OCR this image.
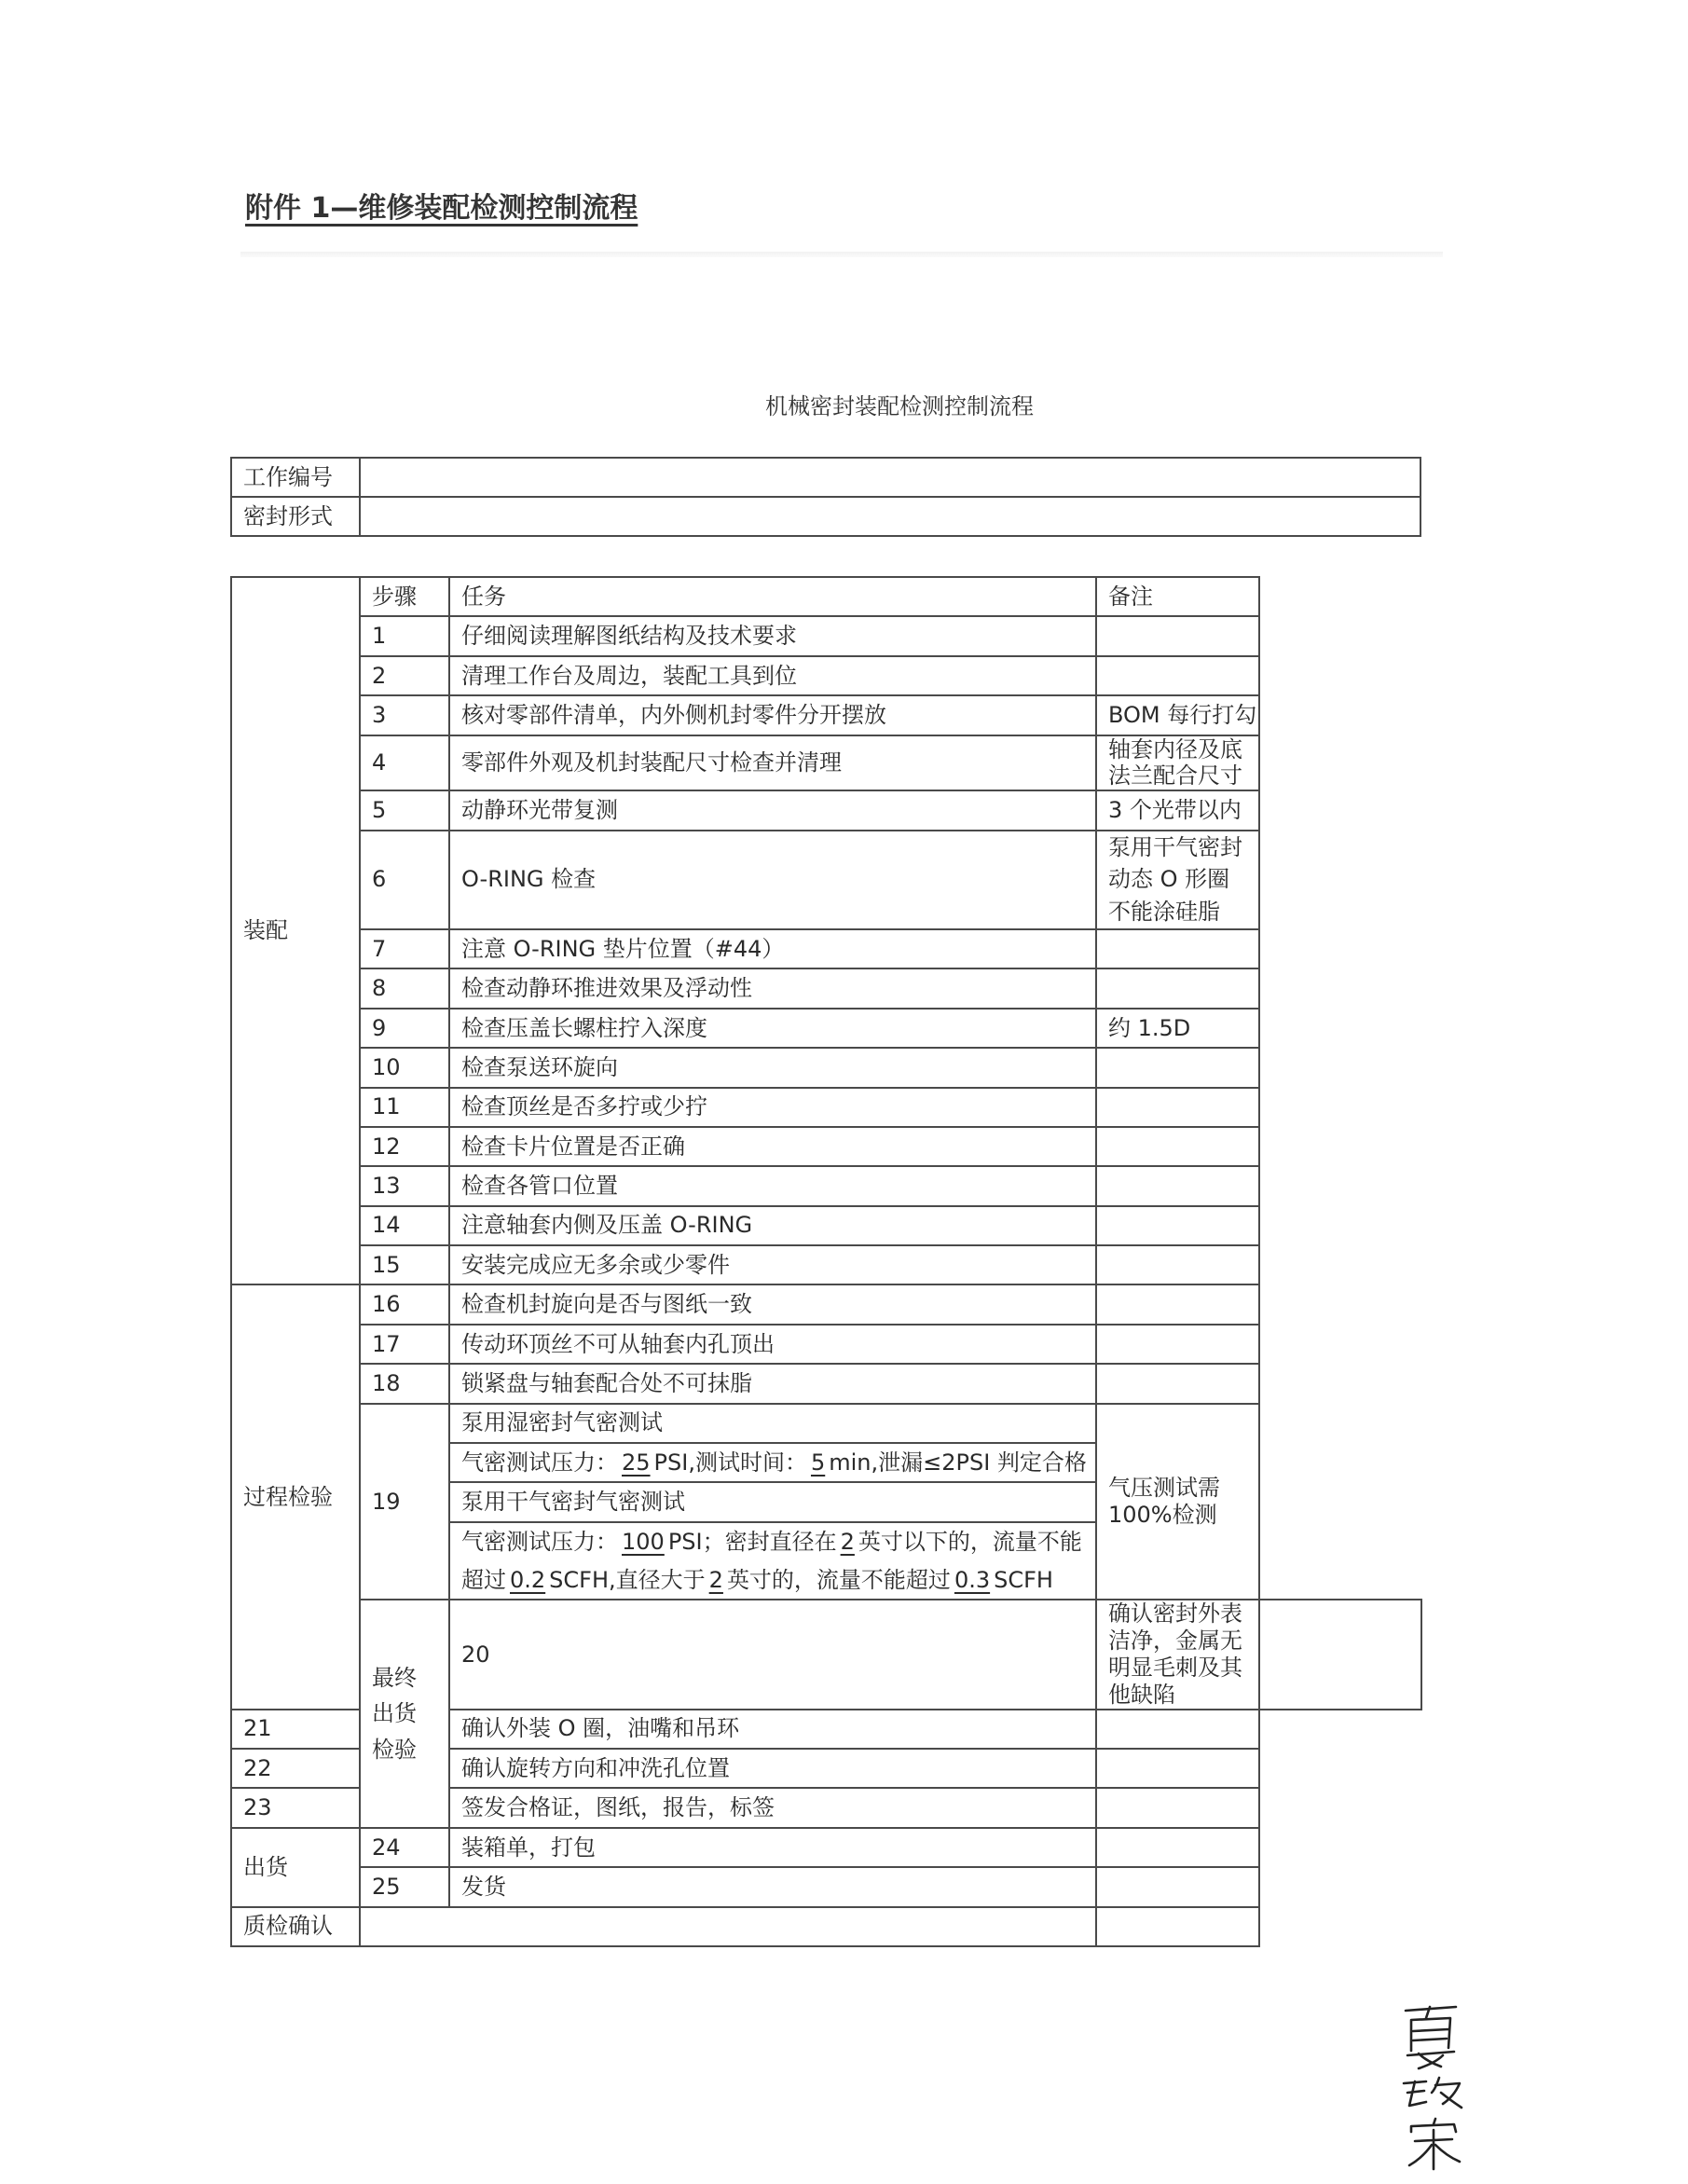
附件 1—维修装配检测控制流程
机械密封装配检测控制流程
工作编号	
密封形式	
装配	步骤	任务	备注	
	1	仔细阅读理解图纸结构及技术要求		
	2	清理工作台及周边，装配工具到位		
	3	核对零部件清单，内外侧机封零件分开摆放	BOM 每行打勾	
	4	零部件外观及机封装配尺寸检查并清理	轴套内径及底法兰配合尺寸	
	5	动静环光带复测	3 个光带以内	
	6	O-RING 检查	泵用干气密封动态 O 形圈不能涂硅脂	
	7	注意 O-RING 垫片位置（#44）		
	8	检查动静环推进效果及浮动性		
	9	检查压盖长螺柱拧入深度	约 1.5D	
	10	检查泵送环旋向		
	11	检查顶丝是否多拧或少拧		
	12	检查卡片位置是否正确		
	13	检查各管口位置		
	14	注意轴套内侧及压盖 O-RING		
	15	安装完成应无多余或少零件		
过程检验	16	检查机封旋向是否与图纸一致		
	17	传动环顶丝不可从轴套内孔顶出		
	18	锁紧盘与轴套配合处不可抹脂		
	19	泵用湿密封气密测试	气压测试需 100%检测	
		气密测试压力： 25 PSI,测试时间： 5 min,泄漏≤2PSI 判定合格		
		泵用干气密封气密测试		
		气密测试压力： 100 PSI；密封直径在 2 英寸以下的，流量不能超过 0.2 SCFH,直径大于 2 英寸的，流量不能超过 0.3 SCFH		
	最终出货检验	20	确认密封外表洁净，金属无明显毛刺及其他缺陷	
21		确认外装 O 圈，油嘴和吊环		
22		确认旋转方向和冲洗孔位置		
23		签发合格证，图纸，报告，标签		
出货	24	装箱单，打包		
	25	发货		
质检确认				
